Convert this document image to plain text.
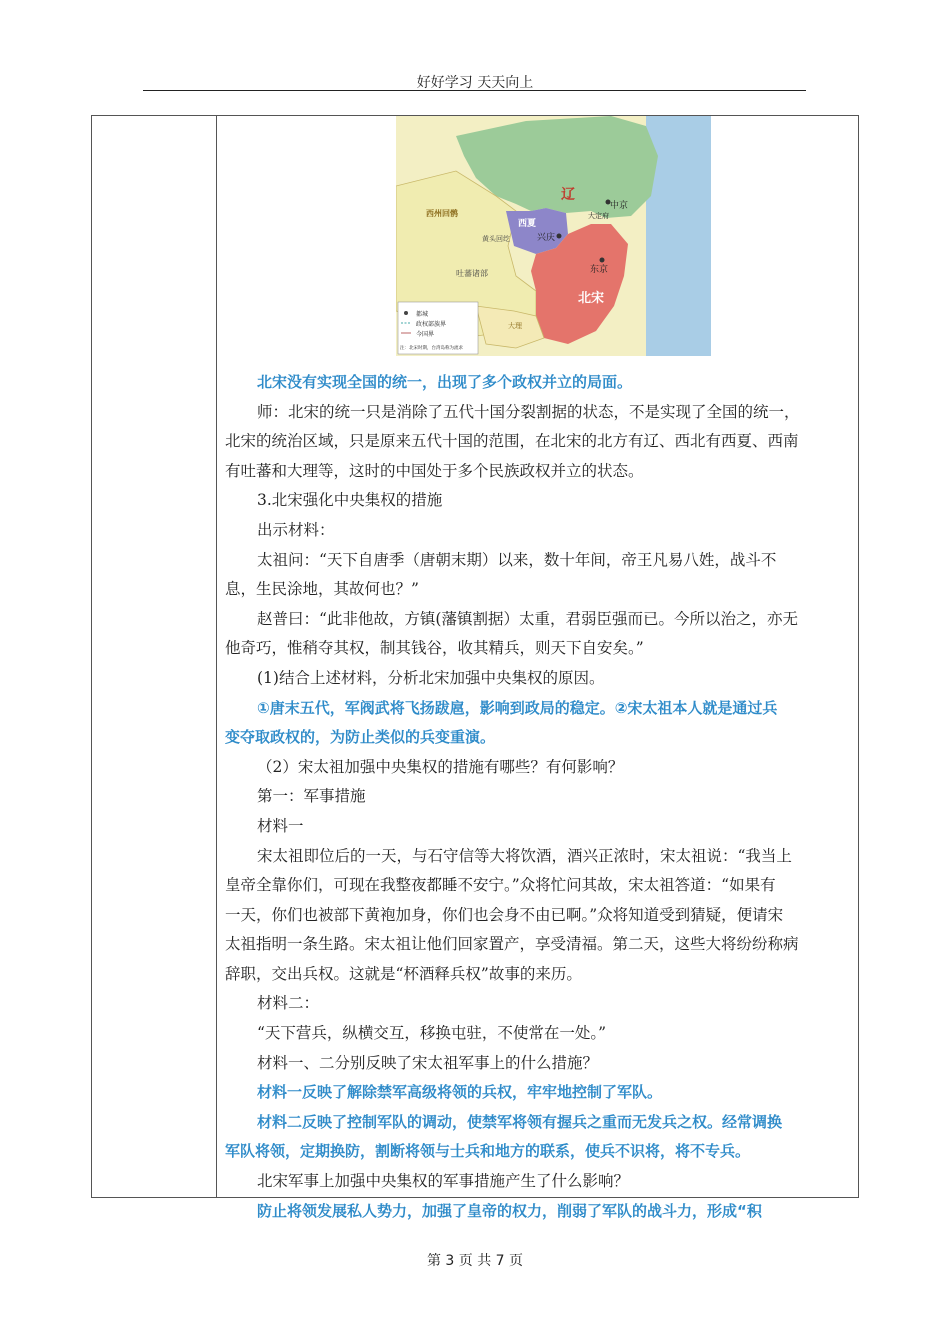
好好学习 天天向上
辽
中京
大定府
西夏
兴庆
东京
北宋
西州回鹘
黄头回纥
吐蕃诸部
大理
都城
政权部族界
今国界
注：北宋时期，台湾岛称为流求
北宋没有实现全国的统一，出现了多个政权并立的局面。
师：北宋的统一只是消除了五代十国分裂割据的状态，不是实现了全国的统一，
北宋的统治区域，只是原来五代十国的范围，在北宋的北方有辽、西北有西夏、西南
有吐蕃和大理等，这时的中国处于多个民族政权并立的状态。
3.北宋强化中央集权的措施
出示材料：
太祖问：“天下自唐季（唐朝末期）以来，数十年间，帝王凡易八姓，战斗不
息，生民涂地，其故何也？”
赵普曰：“此非他故，方镇(藩镇割据）太重，君弱臣强而已。今所以治之，亦无
他奇巧，惟稍夺其权，制其钱谷，收其精兵，则天下自安矣。”
(1)结合上述材料，分析北宋加强中央集权的原因。
①唐末五代，军阀武将飞扬跋扈，影响到政局的稳定。②宋太祖本人就是通过兵
变夺取政权的，为防止类似的兵变重演。
（2）宋太祖加强中央集权的措施有哪些？有何影响？
第一：军事措施
材料一
宋太祖即位后的一天，与石守信等大将饮酒，酒兴正浓时，宋太祖说：“我当上
皇帝全靠你们，可现在我整夜都睡不安宁。”众将忙问其故，宋太祖答道：“如果有
一天，你们也被部下黄袍加身，你们也会身不由已啊。”众将知道受到猜疑，便请宋
太祖指明一条生路。宋太祖让他们回家置产，享受清福。第二天，这些大将纷纷称病
辞职，交出兵权。这就是“杯酒释兵权”故事的来历。
材料二：
“天下营兵，纵横交互，移换屯驻，不使常在一处。”
材料一、二分别反映了宋太祖军事上的什么措施？
材料一反映了解除禁军高级将领的兵权，牢牢地控制了军队。
材料二反映了控制军队的调动，使禁军将领有握兵之重而无发兵之权。经常调换
军队将领，定期换防，割断将领与士兵和地方的联系，使兵不识将，将不专兵。
北宋军事上加强中央集权的军事措施产生了什么影响？
防止将领发展私人势力，加强了皇帝的权力，削弱了军队的战斗力，形成“积
第 3 页 共 7 页
